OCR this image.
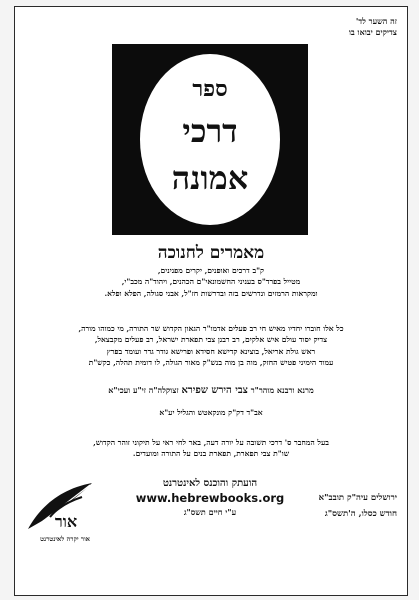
זה השער לד'
צדיקים יבואו בו
ספר
דרכי
אמונה
מאמרים לחנוכה
ק"ב דרכים ואופנים, יקרים מפנינים,
מטייל בפרד"ס בעניני החשמונאי"ם הכהנים, ויהוד"ה מכב"י,
ומקראות הרמזים ונדרשים בזה ובדרשות חז"ל, אבני סגולה, הפלא ופלא.
כל אלו חוברו יחדיו מאיש חי רב פעלים אדמו"ר הגאון הקדוש שר התורה, מי כמוהו מורה,
צדיק יסוד עולם איש אלקים, רב רבנן צבי תפארת ישראל, רב פעלים מקבצאל,
ראש גולת אריאל, בוצינא קדישא חסידא ופרישא גודר גדר ועומד בפרץ
עמוד הימיני פטיש החזק, מוה בן מוה בנש"ק מאור הגולה, לו דומית תהלה, כקש"ת
מרנא ורבנא מוהר"ר צבי הירש שפירא זצוקלה"ה זי"ע ועכי"א
אב"ד דק"ק מונקאטש והגליל יע"א
בעל המחבר ס' דרכי תשובה על יורה דעה, באר לחי ראי על תיקוני זוהר הקדוש,
שו"ת צבי תפארת, תפארת בנים על התורה ומועדים.
אור
אור יקרה לאינטרנט
הועתק והוכנס לאינטרנט
www.hebrewbooks.org
ע"י חיים תשס"ג
ירושלים עיה"ק תובב"א
חודש כסלו, ה'תשס"ג
